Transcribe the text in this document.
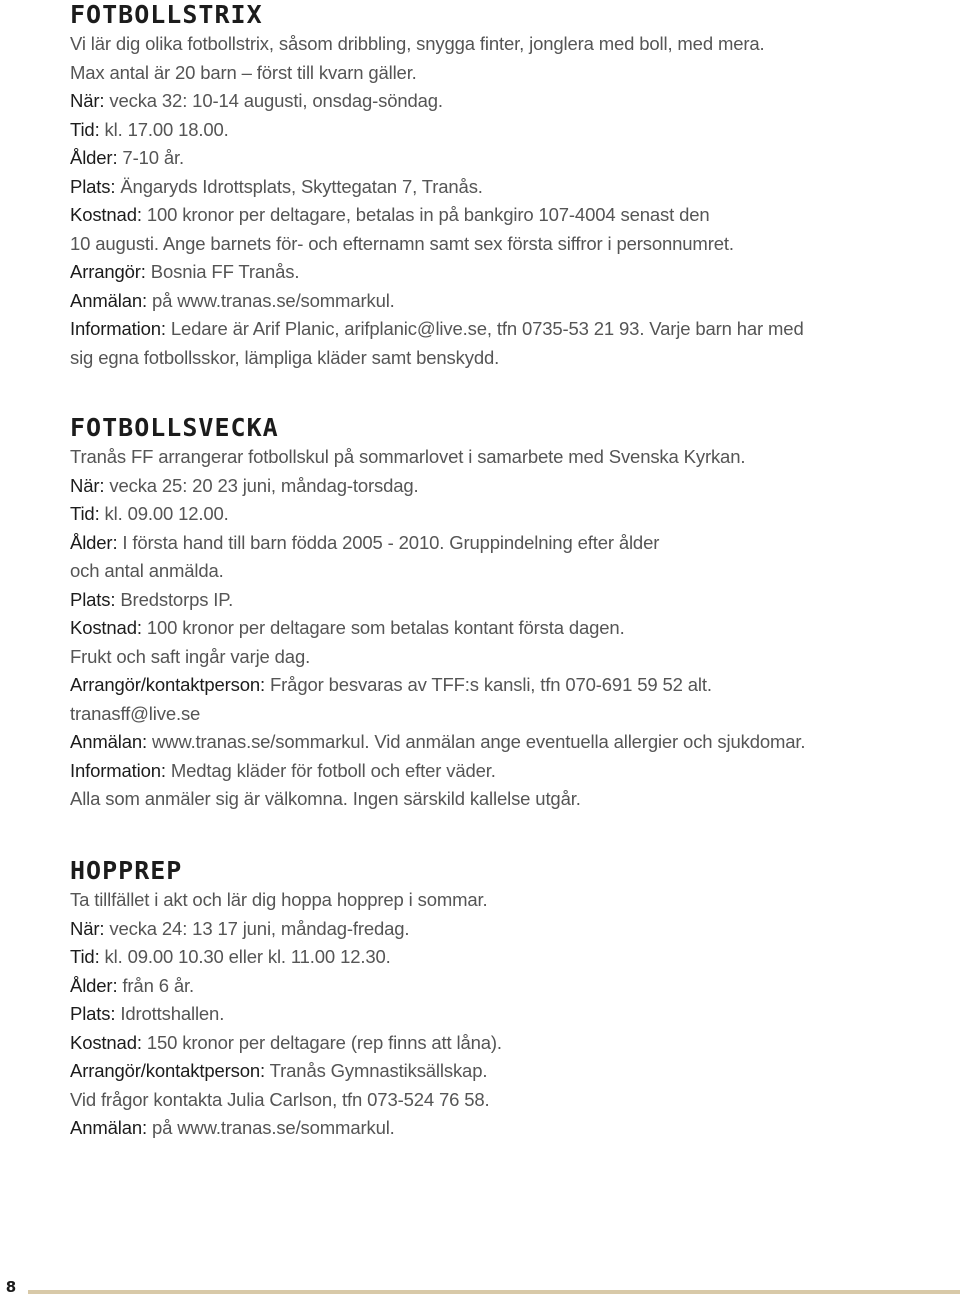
FOTBOLLSTRIX
Vi lär dig olika fotbollstrix, såsom dribbling, snygga finter, jonglera med boll, med mera.
Max antal är 20 barn – först till kvarn gäller.
När: vecka 32: 10-14 augusti, onsdag-söndag.
Tid: kl. 17.00 18.00.
Ålder: 7-10 år.
Plats: Ängaryds Idrottsplats, Skyttegatan 7, Tranås.
Kostnad: 100 kronor per deltagare, betalas in på bankgiro 107-4004 senast den
10 augusti. Ange barnets för- och efternamn samt sex första siffror i personnumret.
Arrangör: Bosnia FF Tranås.
Anmälan: på www.tranas.se/sommarkul.
Information: Ledare är Arif Planic, arifplanic@live.se, tfn 0735-53 21 93. Varje barn har med
sig egna fotbollsskor, lämpliga kläder samt benskydd.
FOTBOLLSVECKA
Tranås FF arrangerar fotbollskul på sommarlovet i samarbete med Svenska Kyrkan.
När: vecka 25: 20 23 juni, måndag-torsdag.
Tid: kl. 09.00 12.00.
Ålder: I första hand till barn födda 2005 - 2010. Gruppindelning efter ålder
och antal anmälda.
Plats: Bredstorps IP.
Kostnad: 100 kronor per deltagare som betalas kontant första dagen.
Frukt och saft ingår varje dag.
Arrangör/kontaktperson: Frågor besvaras av TFF:s kansli, tfn 070-691 59 52 alt.
tranasff@live.se
Anmälan: www.tranas.se/sommarkul. Vid anmälan ange eventuella allergier och sjukdomar.
Information: Medtag kläder för fotboll och efter väder.
Alla som anmäler sig är välkomna. Ingen särskild kallelse utgår.
HOPPREP
Ta tillfället i akt och lär dig hoppa hopprep i sommar.
När: vecka 24: 13 17 juni, måndag-fredag.
Tid: kl. 09.00 10.30 eller kl. 11.00 12.30.
Ålder: från 6 år.
Plats: Idrottshallen.
Kostnad: 150 kronor per deltagare (rep finns att låna).
Arrangör/kontaktperson: Tranås Gymnastiksällskap.
Vid frågor kontakta Julia Carlson, tfn 073-524 76 58.
Anmälan: på www.tranas.se/sommarkul.
8
